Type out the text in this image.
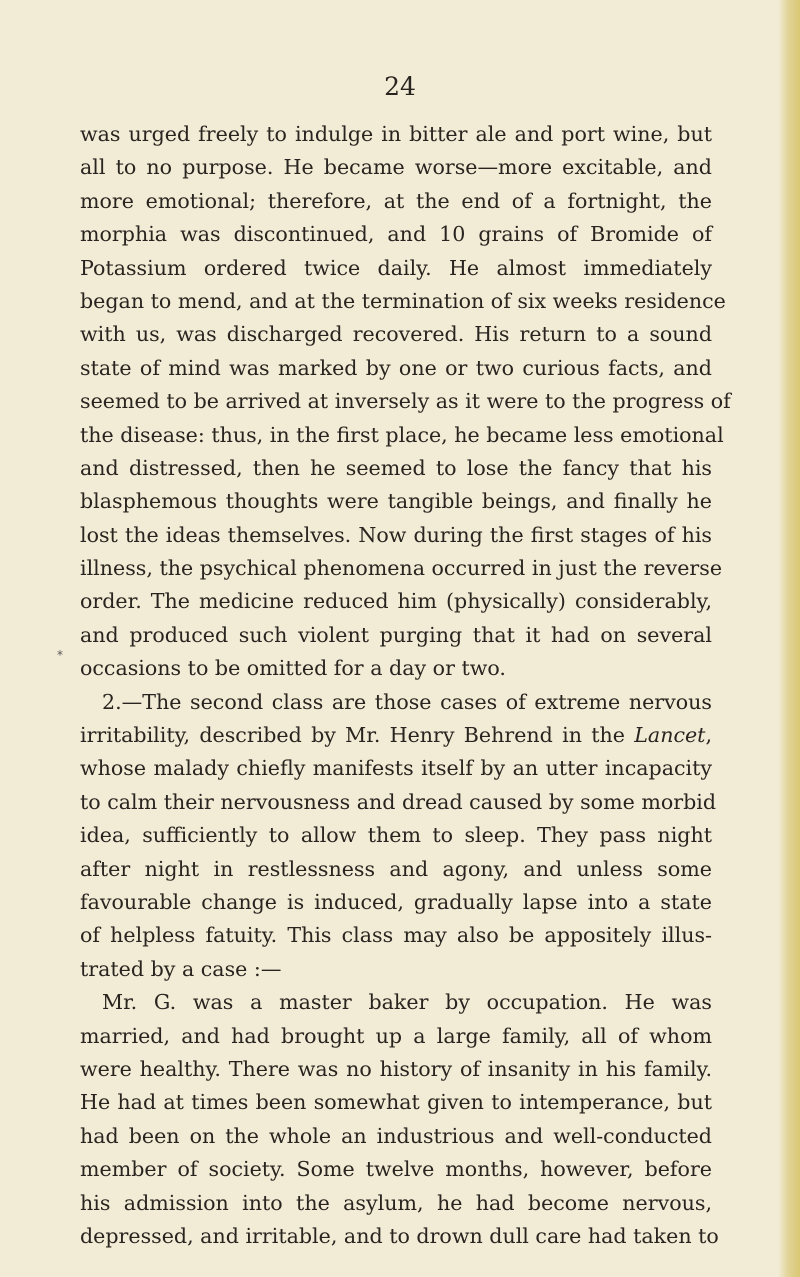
24
*
was urged freely to indulge in bitter ale and port wine, but
all to no purpose. He became worse—more excitable, and
more emotional; therefore, at the end of a fortnight, the
morphia was discontinued, and 10 grains of Bromide of
Potassium ordered twice daily. He almost immediately
began to mend, and at the termination of six weeks residence
with us, was discharged recovered. His return to a sound
state of mind was marked by one or two curious facts, and
seemed to be arrived at inversely as it were to the progress of
the disease: thus, in the first place, he became less emotional
and distressed, then he seemed to lose the fancy that his
blasphemous thoughts were tangible beings, and finally he
lost the ideas themselves. Now during the first stages of his
illness, the psychical phenomena occurred in just the reverse
order. The medicine reduced him (physically) considerably,
and produced such violent purging that it had on several
occasions to be omitted for a day or two.
2.—The second class are those cases of extreme nervous
irritability, described by Mr. Henry Behrend in the Lancet,
whose malady chiefly manifests itself by an utter incapacity
to calm their nervousness and dread caused by some morbid
idea, sufficiently to allow them to sleep. They pass night
after night in restlessness and agony, and unless some
favourable change is induced, gradually lapse into a state
of helpless fatuity. This class may also be appositely illus-
trated by a case :—
Mr. G. was a master baker by occupation. He was
married, and had brought up a large family, all of whom
were healthy. There was no history of insanity in his family.
He had at times been somewhat given to intemperance, but
had been on the whole an industrious and well-conducted
member of society. Some twelve months, however, before
his admission into the asylum, he had become nervous,
depressed, and irritable, and to drown dull care had taken to
